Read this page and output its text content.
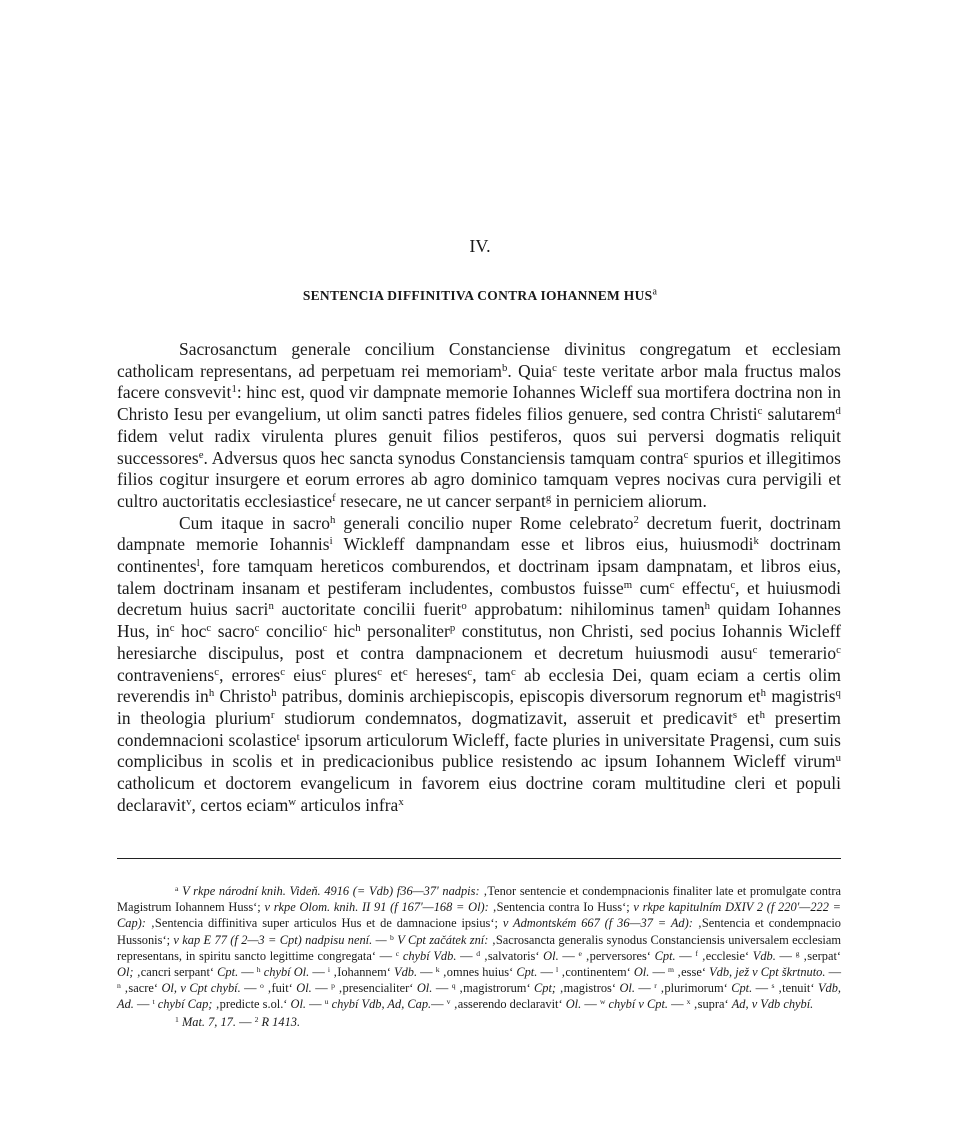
IV.
SENTENCIA DIFFINITIVA CONTRA IOHANNEM HUS$^a$

Sacrosanctum generale concilium Constanciense divinitus congregatum et ecclesiam catholicam representans, ad perpetuam rei memoriam$^b$. Quia$^c$ teste veritate arbor mala fructus malos facere consvevit$^1$: hinc est, quod vir dampnate memorie Iohannes Wicleff sua mortifera doctrina non in Christo Iesu per evangelium, ut olim sancti patres fideles filios genuere, sed contra Christi$^c$ salutarem$^d$ fidem velut radix virulenta plures genuit filios pestiferos, quos sui perversi dogmatis reliquit successores$^e$. Adversus quos hec sancta synodus Constanciensis tamquam contra$^c$ spurios et illegitimos filios cogitur insurgere et eorum errores ab agro dominico tamquam vepres nocivas cura pervigili et cultro auctoritatis ecclesiastice$^f$ resecare, ne ut cancer serpant$^g$ in perniciem aliorum.

Cum itaque in sacro$^h$ generali concilio nuper Rome celebrato$^2$ decretum fuerit, doctrinam dampnate memorie Iohannis$^i$ Wickleff dampnandam esse et libros eius, huiusmodi$^k$ doctrinam continentes$^l$, fore tamquam hereticos comburendos, et doctrinam ipsam dampnatam, et libros eius, talem doctrinam insanam et pestiferam includentes, combustos fuisse$^m$ cum$^c$ effectu$^c$, et huiusmodi decretum huius sacri$^n$ auctoritate concilii fuerit$^o$ approbatum: nihilominus tamen$^h$ quidam Iohannes Hus, $in^c$ hoc$^c$ sacro$^c$ concilio$^c$ hic$^h$ personaliter$^p$ constitutus, non Christi, sed pocius Iohannis Wicleff heresiarche discipulus, post et contra dampnacionem et decretum huiusmodi ausu$^c$ temerario$^c$ contraveniens$^c$, errores$^c$ eius$^c$ plures$^c$ $et^c$ hereses$^c$, tam$^c$ ab ecclesia Dei, quam eciam a certis olim reverendis $in^h$ Christo$^h$ patribus, dominis archiepiscopis, episcopis diversorum regnorum $et^h$ magistris$^q$ in theologia plurium$^r$ studiorum condemnatos, dogmatizavit, asseruit et predicavit$^s$ $et^h$ presertim condemnacioni scolastice$^t$ ipsorum articulorum Wicleff, facte pluries in universitate Pragensi, cum suis complicibus in scolis et in predicacionibus publice resistendo ac ipsum Iohannem Wicleff virum$^u$ catholicum et doctorem evangelicum in favorem eius doctrine coram multitudine cleri et populi declaravit$^v$, certos eciam$^w$ articulos infra$^x$

$^a$ V rkpe národní knih. Videň. 4916 (= Vdb) f36—37' nadpis: ‚Tenor sentencie et condempnacionis finaliter late et promulgate contra Magistrum Iohannem Huss‘; v rkpe Olom. knih. II 91 (f 167'—168 = Ol): ‚Sentencia contra Io Huss‘; v rkpe kapitulním DXIV 2 (f 220'—222 = Cap): ‚Sentencia diffinitiva super articulos Hus et de damnacione ipsius‘; v Admontském 667 (f 36—37 = Ad): ‚Sentencia et condempnacio Hussonis‘; v kap E 77 (f 2—3 = Cpt) nadpisu není. — $^b$ V Cpt začátek zní: ‚Sacrosancta generalis synodus Constanciensis universalem ecclesiam representans, in spiritu sancto legittime congregata‘ — $^c$ chybí Vdb. — $^d$ ‚salvatoris‘ Ol. — $^e$ ‚perversores‘ Cpt. — $^f$ ‚ecclesie‘ Vdb. — $^g$ ‚serpat‘ Ol; ‚cancri serpant‘ Cpt. — $^h$ chybí Ol. — $^i$ ‚Iohannem‘ Vdb. — $^k$ ‚omnes huius‘ Cpt. — $^l$ ‚continentem‘ Ol. — $^m$ ‚esse‘ Vdb, jež v Cpt škrtnuto. — $^n$ ‚sacre‘ Ol, v Cpt chybí. — $^o$ ‚fuit‘ Ol. — $^p$ ‚presencialiter‘ Ol. — $^q$ ‚magistrorum‘ Cpt; ‚magistros‘ Ol. — $^r$ ‚plurimorum‘ Cpt. — $^s$ ‚tenuit‘ Vdb, Ad. — $^t$ chybí Cap; ‚predicte s.ol.‘ Ol. — $^u$ chybí Vdb, Ad, Cap.— $^v$ ‚asserendo declaravit‘ Ol. — $^w$ chybí v Cpt. — $^x$ ‚supra‘ Ad, v Vdb chybí.

$^1$ Mat. 7, 17. — $^2$ R 1413.
